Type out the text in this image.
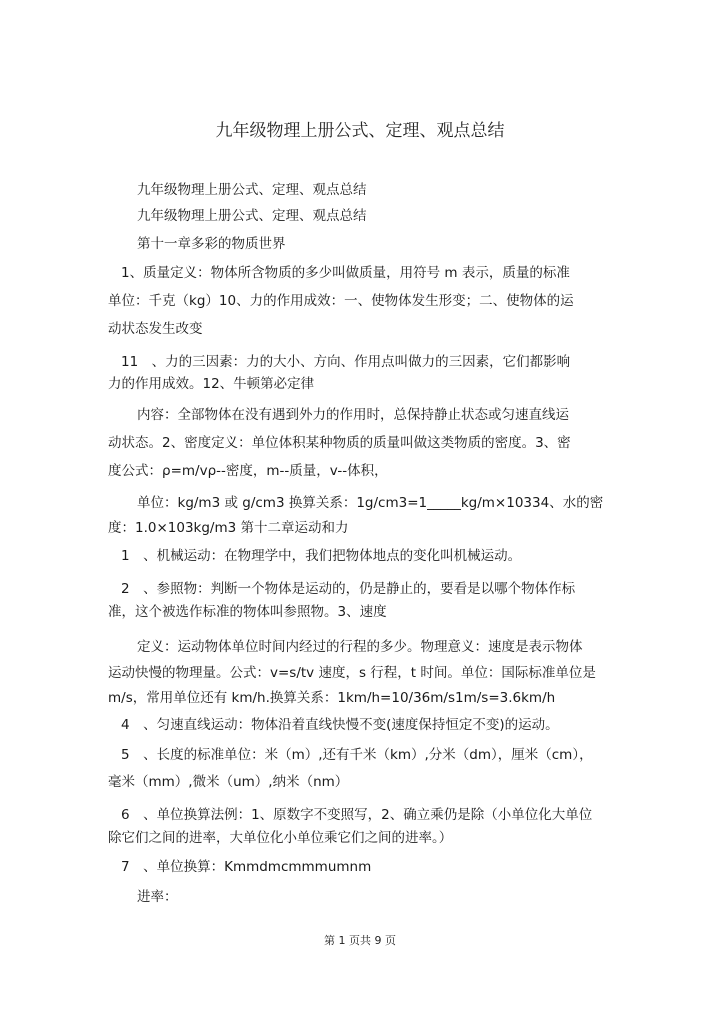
九年级物理上册公式、定理、观点总结
九年级物理上册公式、定理、观点总结
九年级物理上册公式、定理、观点总结
第十一章多彩的物质世界
1、质量定义：物体所含物质的多少叫做质量，用符号 m 表示，质量的标准
单位：千克（kg）10、力的作用成效：一、使物体发生形变；二、使物体的运
动状态发生改变
11　、力的三因素：力的大小、方向、作用点叫做力的三因素，它们都影响
力的作用成效。12、牛顿第必定律
内容：全部物体在没有遇到外力的作用时，总保持静止状态或匀速直线运
动状态。2、密度定义：单位体积某种物质的质量叫做这类物质的密度。3、密
度公式：ρ=m/vρ--密度，m--质量，v--体积，
单位：kg/m3 或 g/cm3 换算关系：1g/cm3=1_____kg/m×10334、水的密
度：1.0×103kg/m3 第十二章运动和力
1　、机械运动：在物理学中，我们把物体地点的变化叫机械运动。
2　、参照物：判断一个物体是运动的，仍是静止的，要看是以哪个物体作标
准，这个被选作标准的物体叫参照物。3、速度
定义：运动物体单位时间内经过的行程的多少。物理意义：速度是表示物体
运动快慢的物理量。公式：v=s/tv 速度，s 行程，t 时间。单位：国际标准单位是
m/s，常用单位还有 km/h.换算关系：1km/h=10/36m/s1m/s=3.6km/h
4　、匀速直线运动：物体沿着直线快慢不变(速度保持恒定不变)的运动。
5　、长度的标准单位：米（m）,还有千米（km）,分米（dm），厘米（cm），
毫米（mm）,微米（um）,纳米（nm）
6　、单位换算法例：1、原数字不变照写，2、确立乘仍是除（小单位化大单位
除它们之间的进率，大单位化小单位乘它们之间的进率。）
7　、单位换算：Kmmdmcmmmumnm
进率：
第 1 页共 9 页
